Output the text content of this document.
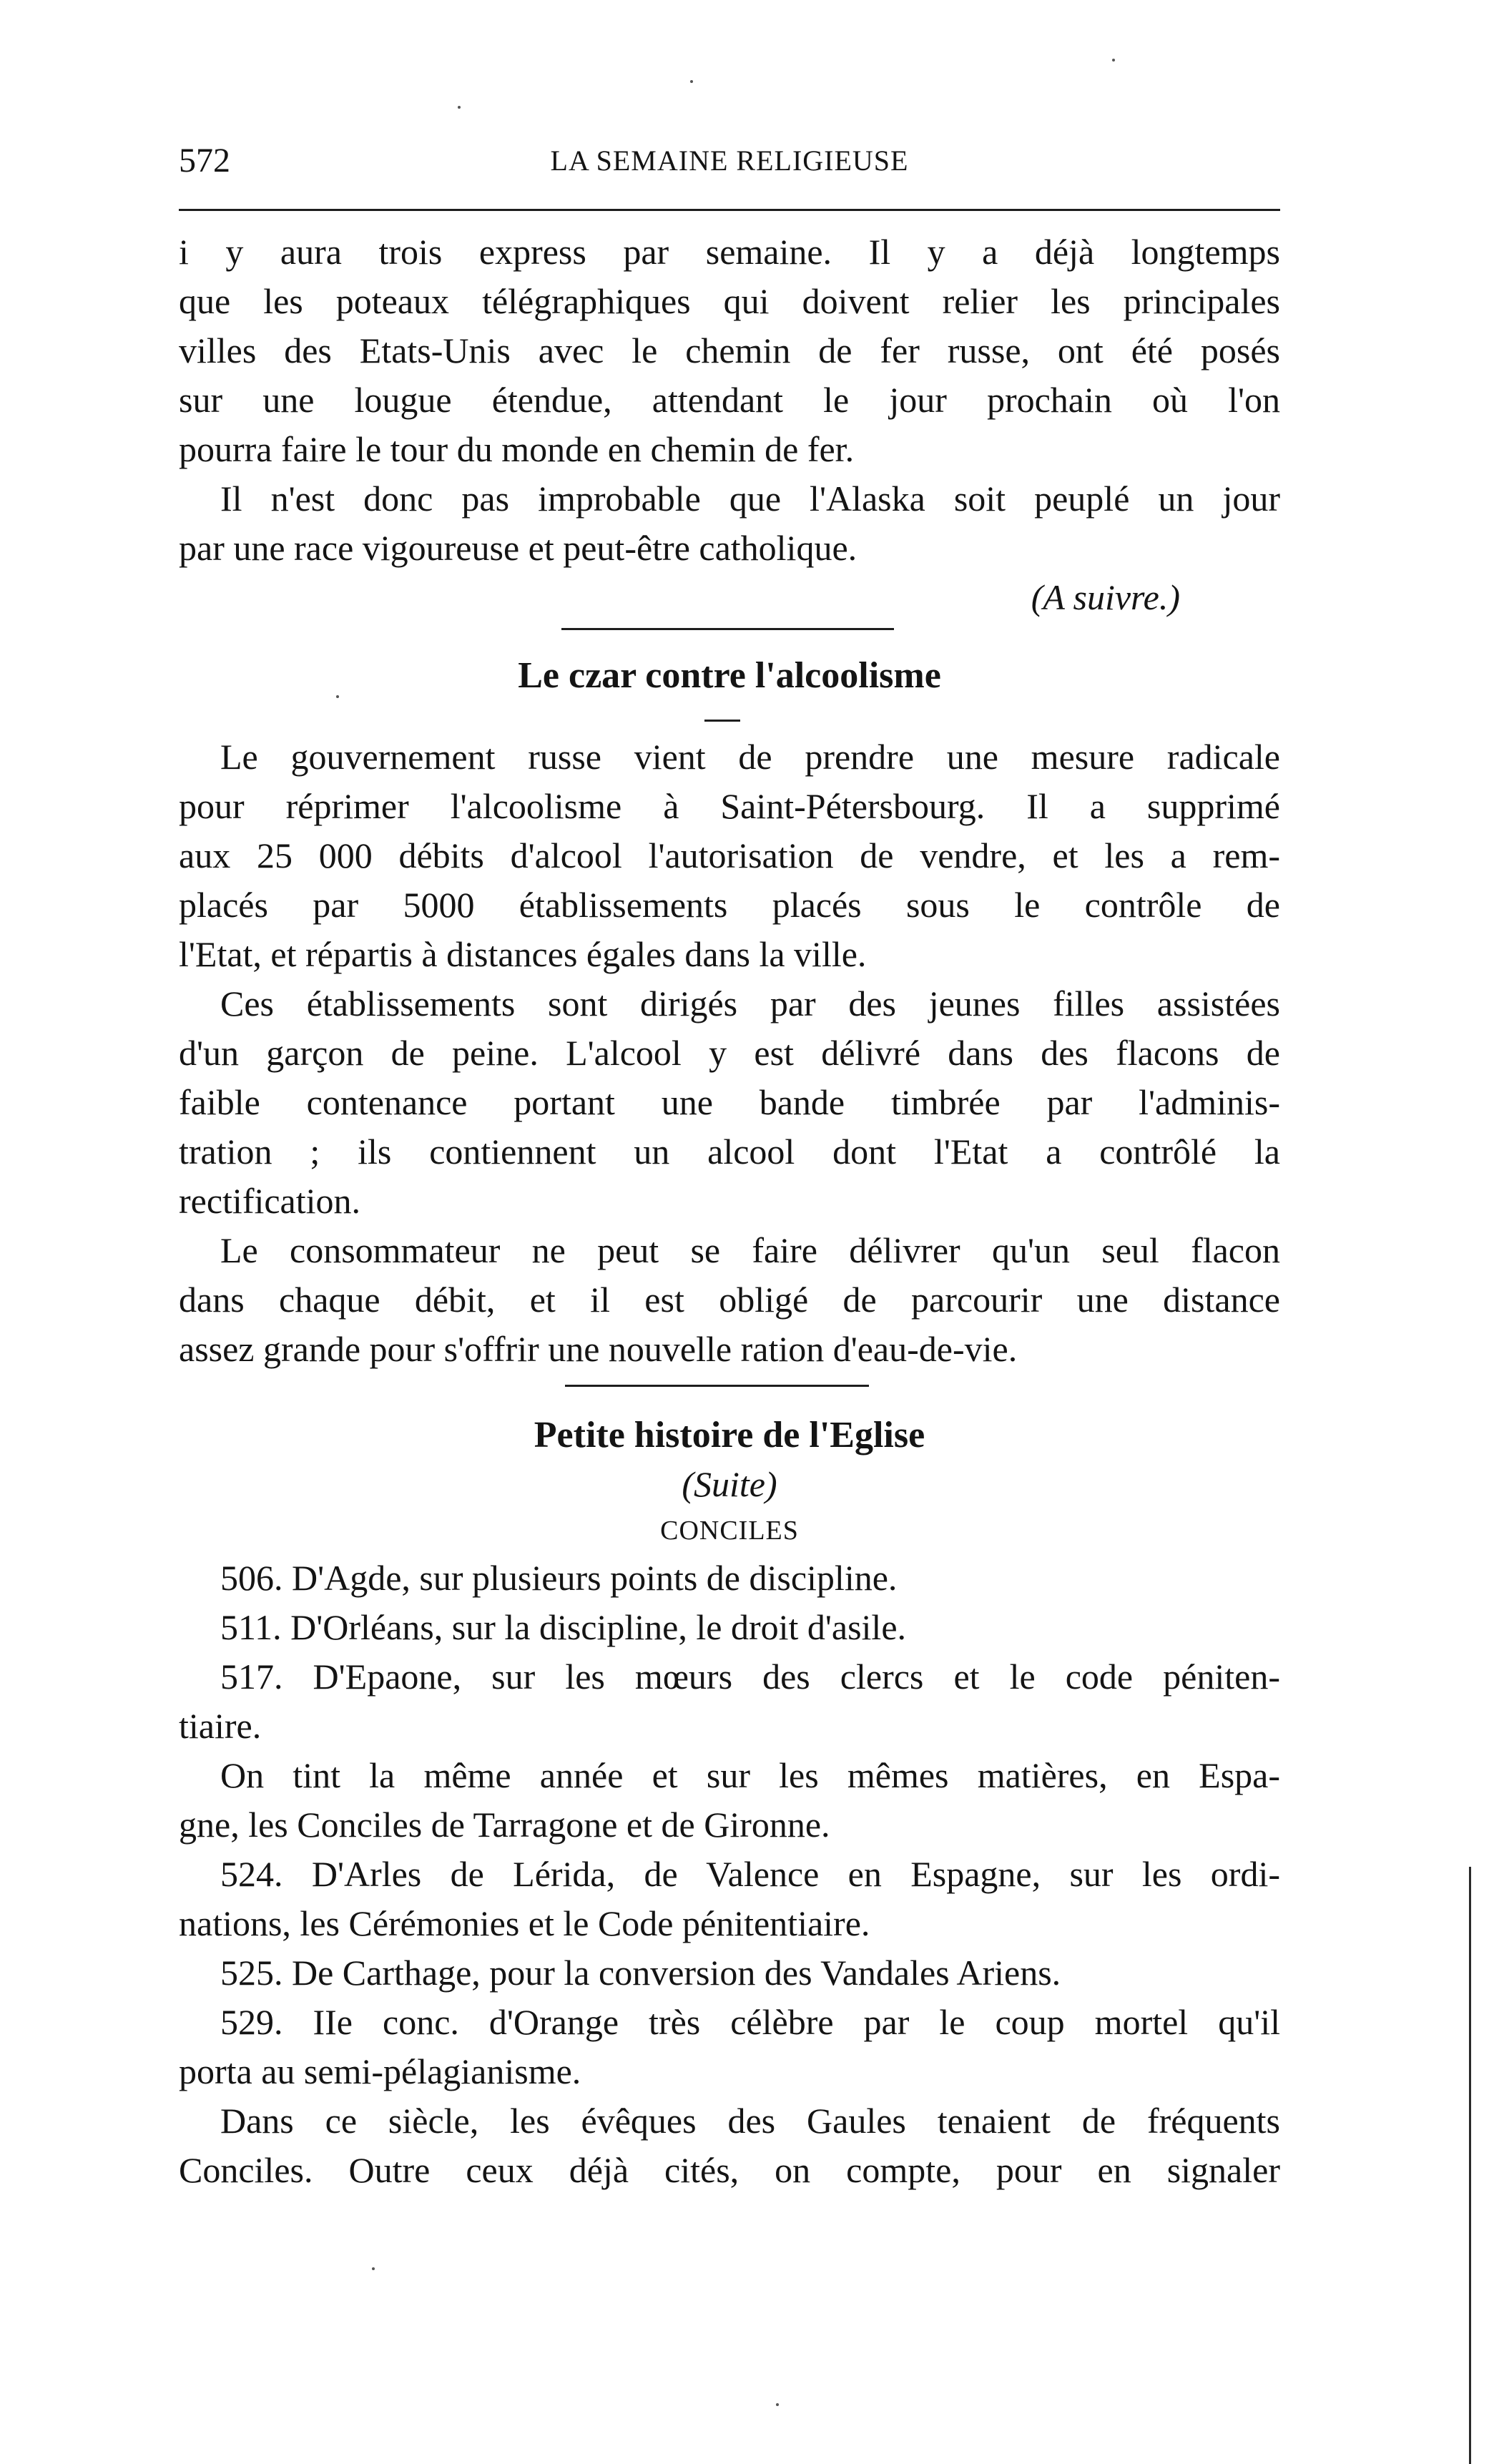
572	LA SEMAINE RELIGIEUSE

i y aura trois express par semaine. Il y a déjà longtemps

que les poteaux télégraphiques qui doivent relier les principales

villes des Etats-Unis avec le chemin de fer russe, ont été posés

sur une lougue étendue, attendant le jour prochain où l'on

pourra faire le tour du monde en chemin de fer.

Il n'est donc pas improbable que l'Alaska soit peuplé un jour

par une race vigoureuse et peut-être catholique.

(A suivre.)

Le czar contre l'alcoolisme

Le gouvernement russe vient de prendre une mesure radicale

pour réprimer l'alcoolisme à Saint-Pétersbourg. Il a supprimé

aux 25 000 débits d'alcool l'autorisation de vendre, et les a rem-

placés par 5000 établissements placés sous le contrôle de

l'Etat, et répartis à distances égales dans la ville.

Ces établissements sont dirigés par des jeunes filles assistées

d'un garçon de peine. L'alcool y est délivré dans des flacons de

faible contenance portant une bande timbrée par l'adminis-

tration ; ils contiennent un alcool dont l'Etat a contrôlé la

rectification.

Le consommateur ne peut se faire délivrer qu'un seul flacon

dans chaque débit, et il est obligé de parcourir une distance

assez grande pour s'offrir une nouvelle ration d'eau-de-vie.

Petite histoire de l'Eglise
(Suite)
CONCILES

506. D'Agde, sur plusieurs points de discipline.

511. D'Orléans, sur la discipline, le droit d'asile.

517. D'Epaone, sur les mœurs des clercs et le code péniten-

tiaire.

On tint la même année et sur les mêmes matières, en Espa-

gne, les Conciles de Tarragone et de Gironne.

524. D'Arles de Lérida, de Valence en Espagne, sur les ordi-

nations, les Cérémonies et le Code pénitentiaire.

525. De Carthage, pour la conversion des Vandales Ariens.

529. IIe conc. d'Orange très célèbre par le coup mortel qu'il

porta au semi-pélagianisme.

Dans ce siècle, les évêques des Gaules tenaient de fréquents

Conciles. Outre ceux déjà cités, on compte, pour en signaler
